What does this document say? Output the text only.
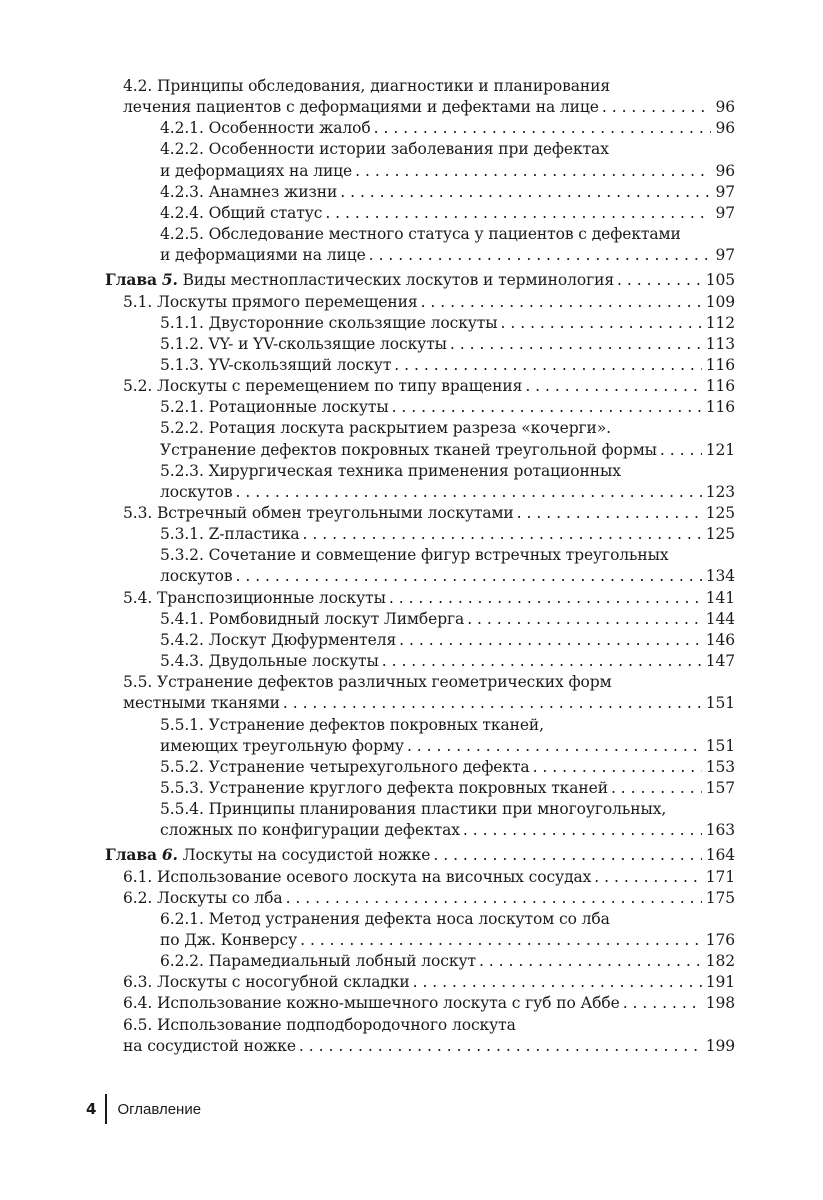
4.2. Принципы обследования, диагностики и планирования
лечения пациентов с деформациями и дефектами на лице . . .	96
4.2.1. Особенности жалоб . . .	96
4.2.2. Особенности истории заболевания при дефектах
и деформациях на лице . . .	96
4.2.3. Анамнез жизни . . .	97
4.2.4. Общий статус . . .	97
4.2.5. Обследование местного статуса у пациентов с дефектами
и деформациями на лице . . .	97
Глава 5. Виды местнопластических лоскутов и терминология . . .	105
5.1. Лоскуты прямого перемещения . . .	109
5.1.1. Двусторонние скользящие лоскуты . . .	112
5.1.2. VY- и YV-скользящие лоскуты . . .	113
5.1.3. YV-скользящий лоскут . . .	116
5.2. Лоскуты с перемещением по типу вращения . . .	116
5.2.1. Ротационные лоскуты . . .	116
5.2.2. Ротация лоскута раскрытием разреза «кочерги».
Устранение дефектов покровных тканей треугольной формы . . .	121
5.2.3. Хирургическая техника применения ротационных
лоскутов . . .	123
5.3. Встречный обмен треугольными лоскутами . . .	125
5.3.1. Z-пластика . . .	125
5.3.2. Сочетание и совмещение фигур встречных треугольных
лоскутов . . .	134
5.4. Транспозиционные лоскуты . . .	141
5.4.1. Ромбовидный лоскут Лимберга . . .	144
5.4.2. Лоскут Дюфурментеля . . .	146
5.4.3. Двудольные лоскуты . . .	147
5.5. Устранение дефектов различных геометрических форм
местными тканями . . .	151
5.5.1. Устранение дефектов покровных тканей,
имеющих треугольную форму . . .	151
5.5.2. Устранение четырехугольного дефекта . . .	153
5.5.3. Устранение круглого дефекта покровных тканей . . .	157
5.5.4. Принципы планирования пластики при многоугольных,
сложных по конфигурации дефектах . . .	163
Глава 6. Лоскуты на сосудистой ножке . . .	164
6.1. Использование осевого лоскута на височных сосудах . . .	171
6.2. Лоскуты со лба . . .	175
6.2.1. Метод устранения дефекта носа лоскутом со лба
по Дж. Конверсу . . .	176
6.2.2. Парамедиальный лобный лоскут . . .	182
6.3. Лоскуты с носогубной складки . . .	191
6.4. Использование кожно-мышечного лоскута с губ по Аббе . . .	198
6.5. Использование подподбородочного лоскута
на сосудистой ножке . . .	199
4 Оглавление
